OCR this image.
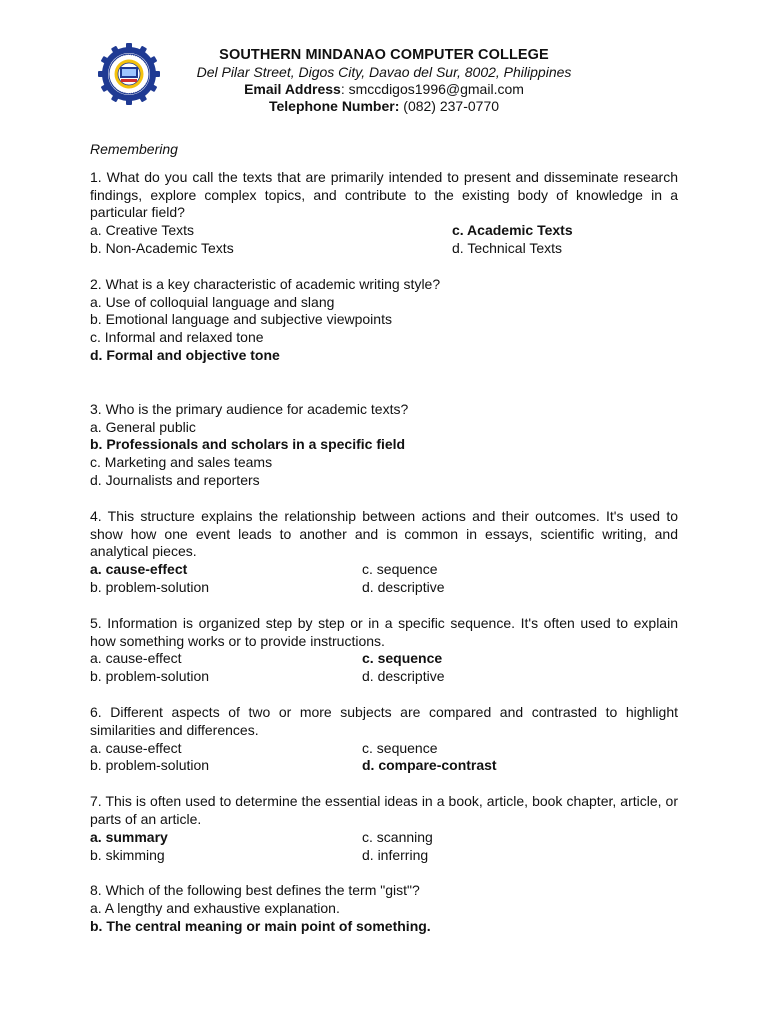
SOUTHERN MINDANAO COMPUTER COLLEGE
Del Pilar Street, Digos City, Davao del Sur, 8002, Philippines
Email Address: smccdigos1996@gmail.com
Telephone Number: (082) 237-0770
Remembering
1. What do you call the texts that are primarily intended to present and disseminate research findings, explore complex topics, and contribute to the existing body of knowledge in a particular field?
a. Creative Texts	c. Academic Texts
b. Non-Academic Texts	d. Technical Texts
2. What is a key characteristic of academic writing style?
a. Use of colloquial language and slang
b. Emotional language and subjective viewpoints
c. Informal and relaxed tone
d. Formal and objective tone
3. Who is the primary audience for academic texts?
a. General public
b. Professionals and scholars in a specific field
c. Marketing and sales teams
d. Journalists and reporters
4. This structure explains the relationship between actions and their outcomes. It's used to show how one event leads to another and is common in essays, scientific writing, and analytical pieces.
a. cause-effect	c. sequence
b. problem-solution	d. descriptive
5. Information is organized step by step or in a specific sequence. It's often used to explain how something works or to provide instructions.
a. cause-effect	c. sequence
b. problem-solution	d. descriptive
6. Different aspects of two or more subjects are compared and contrasted to highlight similarities and differences.
a. cause-effect	c. sequence
b. problem-solution	d. compare-contrast
7. This is often used to determine the essential ideas in a book, article, book chapter, article, or parts of an article.
a. summary	c. scanning
b. skimming	d. inferring
8. Which of the following best defines the term "gist"?
a. A lengthy and exhaustive explanation.
b. The central meaning or main point of something.
